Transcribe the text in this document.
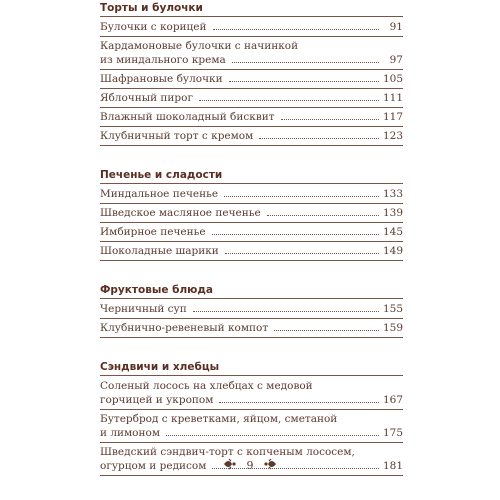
Торты и булочки
Булочки с корицей	91
Кардамоновые булочки с начинкой
из миндального крема	97
Шафрановые булочки	105
Яблочный пирог	111
Влажный шоколадный бисквит	117
Клубничный торт с кремом	123
Печенье и сладости
Миндальное печенье	133
Шведское масляное печенье	139
Имбирное печенье	145
Шоколадные шарики	149
Фруктовые блюда
Черничный суп	155
Клубнично-ревеневый компот	159
Сэндвичи и хлебцы
Соленый лосось на хлебцах с медовой
горчицей и укропом	167
Бутерброд с креветками, яйцом, сметаной
и лимоном	175
Шведский сэндвич-торт с копченым лососем,
огурцом и редисом	181
9
